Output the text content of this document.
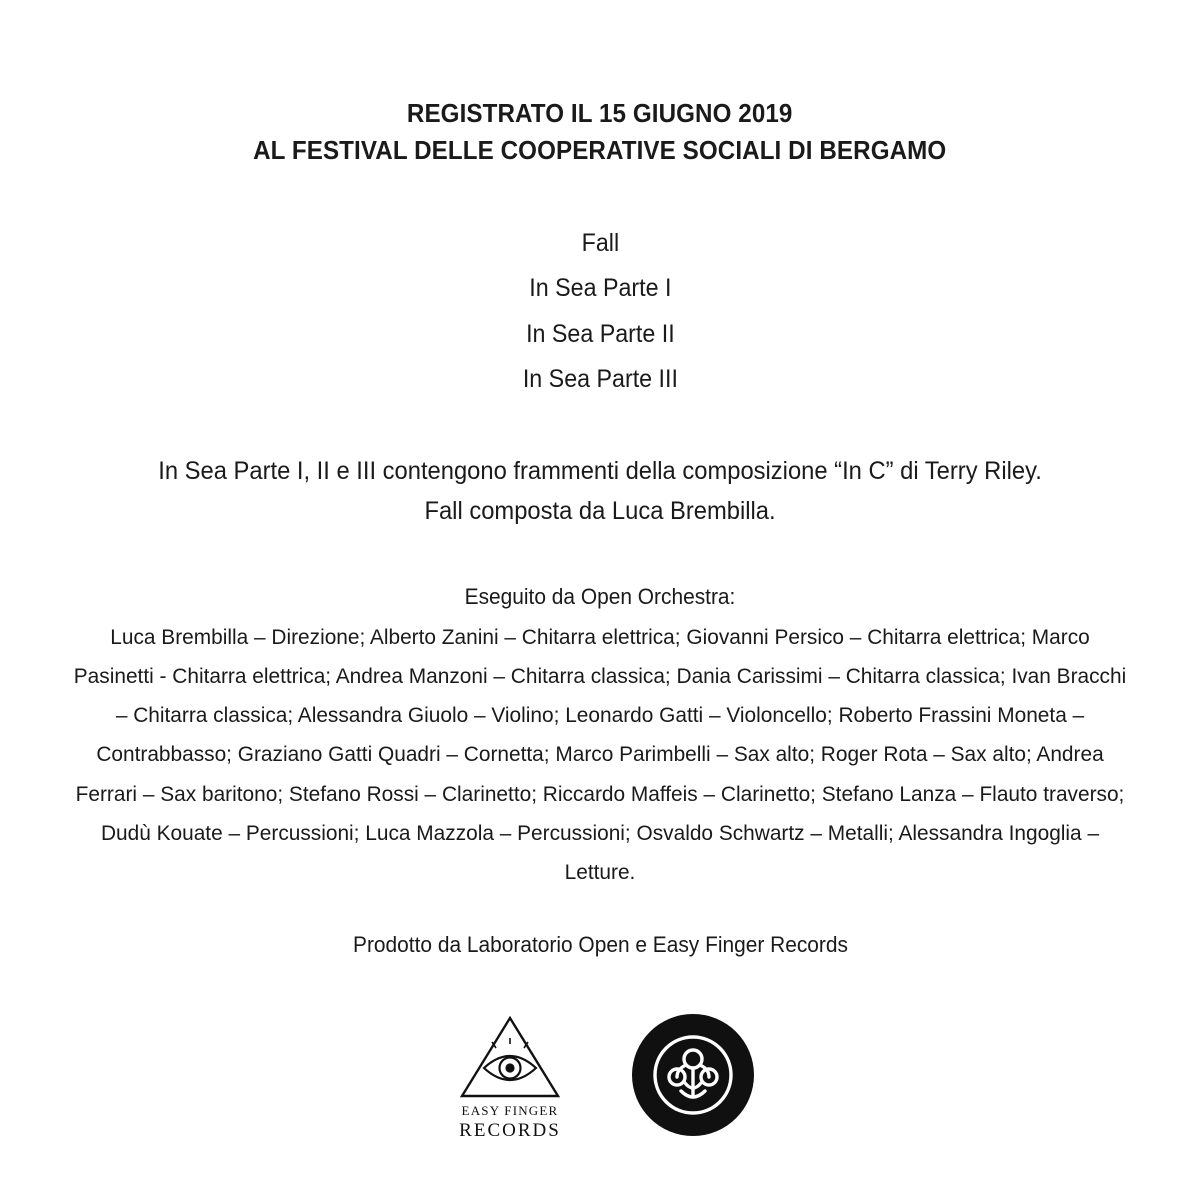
REGISTRATO IL 15 GIUGNO 2019
AL FESTIVAL DELLE COOPERATIVE SOCIALI DI BERGAMO
Fall
In Sea Parte I
In Sea Parte II
In Sea Parte III
In Sea Parte I, II e III contengono frammenti della composizione “In C” di Terry Riley.
Fall composta da Luca Brembilla.
Eseguito da Open Orchestra:
Luca Brembilla – Direzione; Alberto Zanini – Chitarra elettrica; Giovanni Persico – Chitarra elettrica; Marco Pasinetti - Chitarra elettrica; Andrea Manzoni – Chitarra classica; Dania Carissimi – Chitarra classica; Ivan Bracchi – Chitarra classica; Alessandra Giuolo – Violino; Leonardo Gatti – Violoncello; Roberto Frassini Moneta – Contrabbasso; Graziano Gatti Quadri – Cornetta; Marco Parimbelli – Sax alto; Roger Rota – Sax alto; Andrea Ferrari – Sax baritono; Stefano Rossi – Clarinetto; Riccardo Maffeis – Clarinetto; Stefano Lanza – Flauto traverso; Dudù Kouate – Percussioni; Luca Mazzola – Percussioni; Osvaldo Schwartz – Metalli; Alessandra Ingoglia – Letture.
Prodotto da Laboratorio Open e Easy Finger Records
EASY FINGER
RECORDS
